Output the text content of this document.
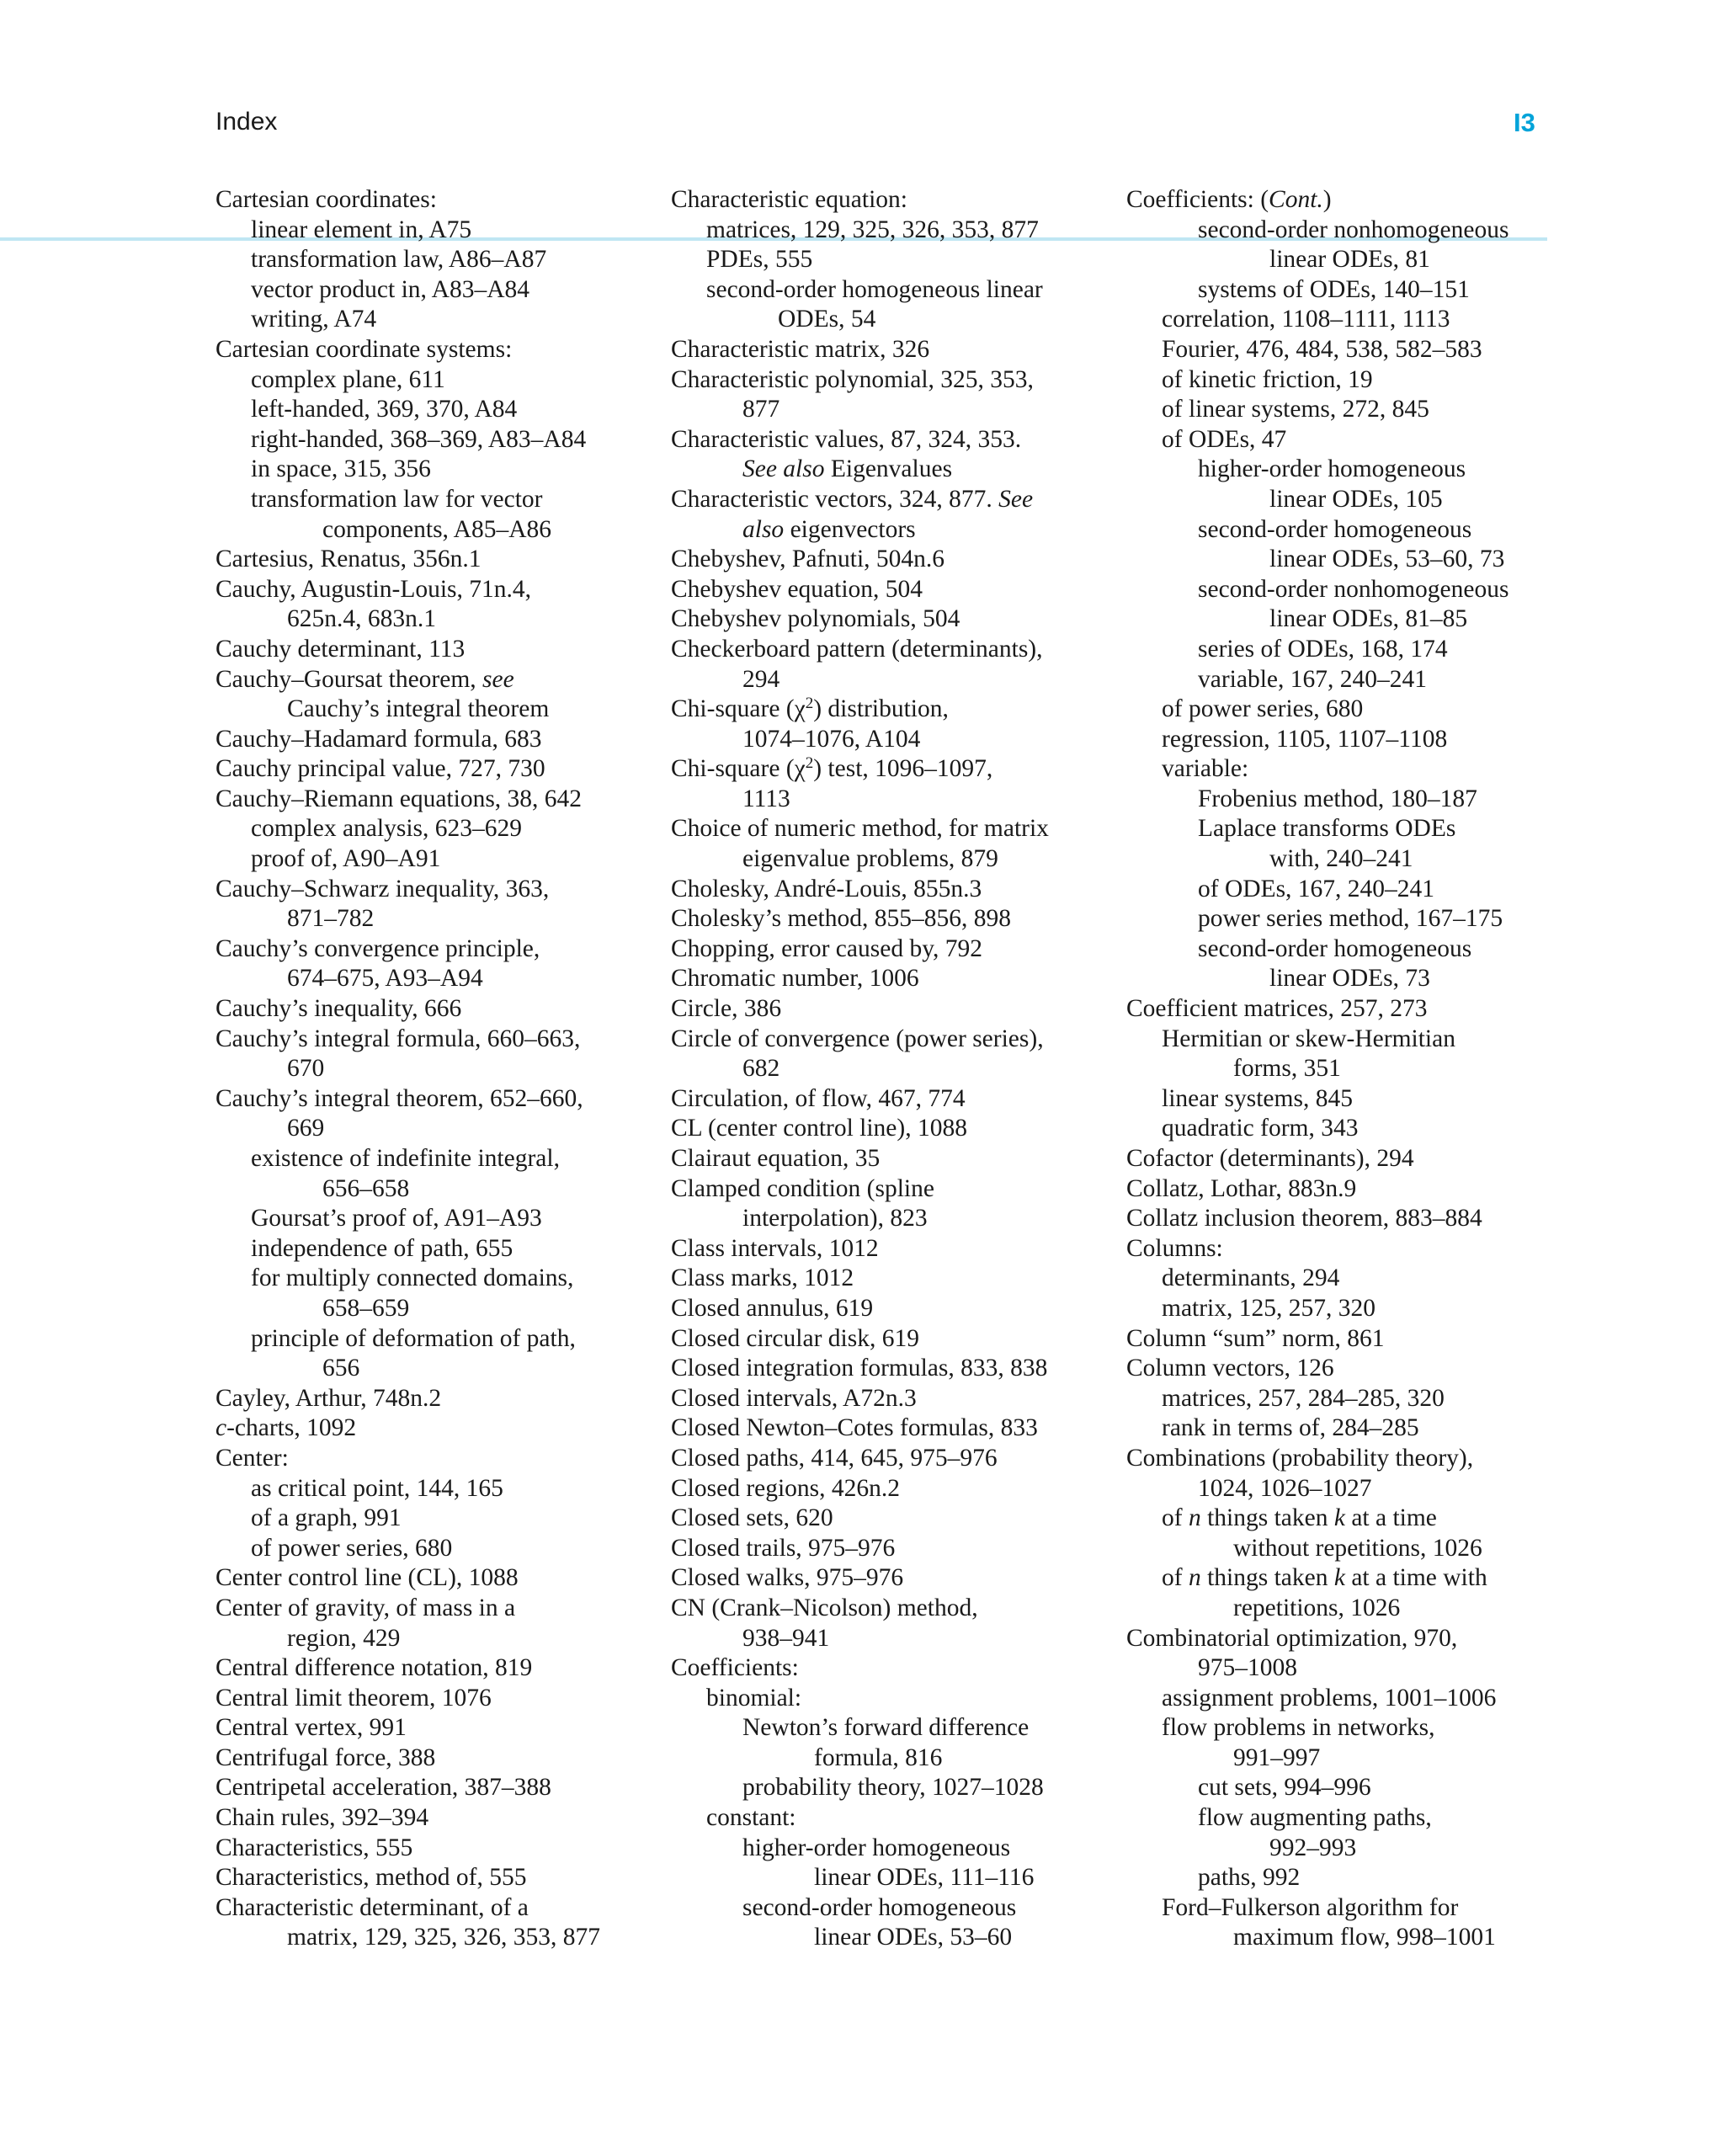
Index	I3
Cartesian coordinates:
linear element in, A75
transformation law, A86–A87
vector product in, A83–A84
writing, A74
Cartesian coordinate systems:
complex plane, 611
left-handed, 369, 370, A84
right-handed, 368–369, A83–A84
in space, 315, 356
transformation law for vector
components, A85–A86
Cartesius, Renatus, 356n.1
Cauchy, Augustin-Louis, 71n.4,
625n.4, 683n.1
Cauchy determinant, 113
Cauchy–Goursat theorem, see
Cauchy’s integral theorem
Cauchy–Hadamard formula, 683
Cauchy principal value, 727, 730
Cauchy–Riemann equations, 38, 642
complex analysis, 623–629
proof of, A90–A91
Cauchy–Schwarz inequality, 363,
871–782
Cauchy’s convergence principle,
674–675, A93–A94
Cauchy’s inequality, 666
Cauchy’s integral formula, 660–663,
670
Cauchy’s integral theorem, 652–660,
669
existence of indefinite integral,
656–658
Goursat’s proof of, A91–A93
independence of path, 655
for multiply connected domains,
658–659
principle of deformation of path,
656
Cayley, Arthur, 748n.2
c-charts, 1092
Center:
as critical point, 144, 165
of a graph, 991
of power series, 680
Center control line (CL), 1088
Center of gravity, of mass in a
region, 429
Central difference notation, 819
Central limit theorem, 1076
Central vertex, 991
Centrifugal force, 388
Centripetal acceleration, 387–388
Chain rules, 392–394
Characteristics, 555
Characteristics, method of, 555
Characteristic determinant, of a
matrix, 129, 325, 326, 353, 877
Characteristic equation:
matrices, 129, 325, 326, 353, 877
PDEs, 555
second-order homogeneous linear
ODEs, 54
Characteristic matrix, 326
Characteristic polynomial, 325, 353,
877
Characteristic values, 87, 324, 353.
See also Eigenvalues
Characteristic vectors, 324, 877. See
also eigenvectors
Chebyshev, Pafnuti, 504n.6
Chebyshev equation, 504
Chebyshev polynomials, 504
Checkerboard pattern (determinants),
294
Chi-square $(\chi^2)$ distribution,
1074–1076, A104
Chi-square $(\chi^2)$ test, 1096–1097,
1113
Choice of numeric method, for matrix
eigenvalue problems, 879
Cholesky, André-Louis, 855n.3
Cholesky’s method, 855–856, 898
Chopping, error caused by, 792
Chromatic number, 1006
Circle, 386
Circle of convergence (power series),
682
Circulation, of flow, 467, 774
CL (center control line), 1088
Clairaut equation, 35
Clamped condition (spline
interpolation), 823
Class intervals, 1012
Class marks, 1012
Closed annulus, 619
Closed circular disk, 619
Closed integration formulas, 833, 838
Closed intervals, A72n.3
Closed Newton–Cotes formulas, 833
Closed paths, 414, 645, 975–976
Closed regions, 426n.2
Closed sets, 620
Closed trails, 975–976
Closed walks, 975–976
CN (Crank–Nicolson) method,
938–941
Coefficients:
binomial:
Newton’s forward difference
formula, 816
probability theory, 1027–1028
constant:
higher-order homogeneous
linear ODEs, 111–116
second-order homogeneous
linear ODEs, 53–60
Coefficients: (Cont.)
second-order nonhomogeneous
linear ODEs, 81
systems of ODEs, 140–151
correlation, 1108–1111, 1113
Fourier, 476, 484, 538, 582–583
of kinetic friction, 19
of linear systems, 272, 845
of ODEs, 47
higher-order homogeneous
linear ODEs, 105
second-order homogeneous
linear ODEs, 53–60, 73
second-order nonhomogeneous
linear ODEs, 81–85
series of ODEs, 168, 174
variable, 167, 240–241
of power series, 680
regression, 1105, 1107–1108
variable:
Frobenius method, 180–187
Laplace transforms ODEs
with, 240–241
of ODEs, 167, 240–241
power series method, 167–175
second-order homogeneous
linear ODEs, 73
Coefficient matrices, 257, 273
Hermitian or skew-Hermitian
forms, 351
linear systems, 845
quadratic form, 343
Cofactor (determinants), 294
Collatz, Lothar, 883n.9
Collatz inclusion theorem, 883–884
Columns:
determinants, 294
matrix, 125, 257, 320
Column “sum” norm, 861
Column vectors, 126
matrices, 257, 284–285, 320
rank in terms of, 284–285
Combinations (probability theory),
1024, 1026–1027
of n things taken k at a time
without repetitions, 1026
of n things taken k at a time with
repetitions, 1026
Combinatorial optimization, 970,
975–1008
assignment problems, 1001–1006
flow problems in networks,
991–997
cut sets, 994–996
flow augmenting paths,
992–993
paths, 992
Ford–Fulkerson algorithm for
maximum flow, 998–1001
